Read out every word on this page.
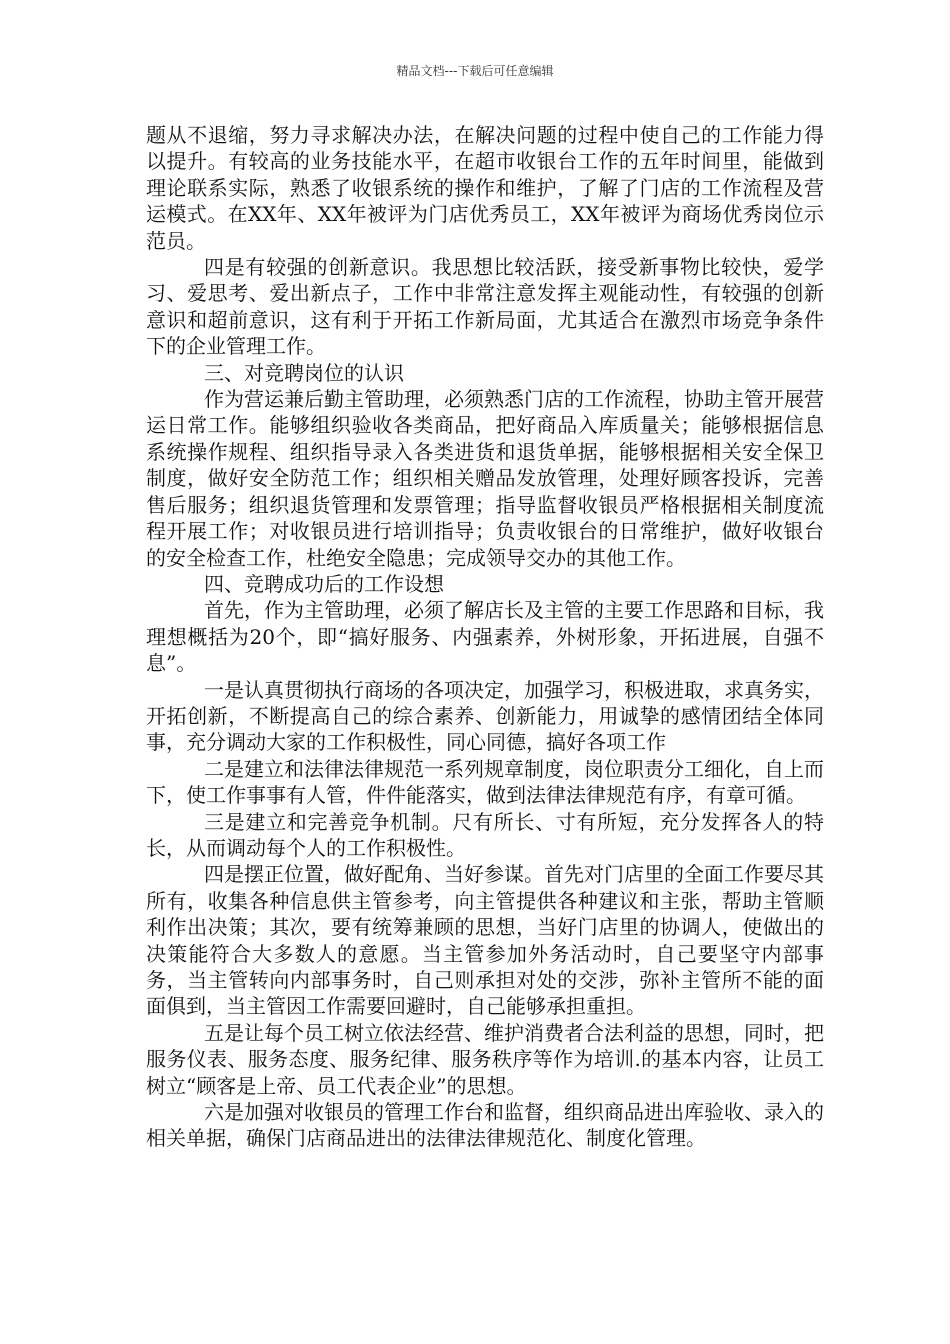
精品文档---下载后可任意编辑

题从不退缩，努力寻求解决办法，在解决问题的过程中使自己的工作能力得以提升。有较高的业务技能水平，在超市收银台工作的五年时间里，能做到理论联系实际，熟悉了收银系统的操作和维护，了解了门店的工作流程及营运模式。在XX年、XX年被评为门店优秀员工，XX年被评为商场优秀岗位示范员。

四是有较强的创新意识。我思想比较活跃，接受新事物比较快，爱学习、爱思考、爱出新点子，工作中非常注意发挥主观能动性，有较强的创新意识和超前意识，这有利于开拓工作新局面，尤其适合在激烈市场竞争条件下的企业管理工作。

三、对竞聘岗位的认识

作为营运兼后勤主管助理，必须熟悉门店的工作流程，协助主管开展营运日常工作。能够组织验收各类商品，把好商品入库质量关；能够根据信息系统操作规程、组织指导录入各类进货和退货单据，能够根据相关安全保卫制度，做好安全防范工作；组织相关赠品发放管理，处理好顾客投诉，完善售后服务；组织退货管理和发票管理；指导监督收银员严格根据相关制度流程开展工作；对收银员进行培训指导；负责收银台的日常维护，做好收银台的安全检查工作，杜绝安全隐患；完成领导交办的其他工作。

四、竞聘成功后的工作设想

首先，作为主管助理，必须了解店长及主管的主要工作思路和目标，我理想概括为20个，即“搞好服务、内强素养，外树形象，开拓进展，自强不息”。

一是认真贯彻执行商场的各项决定，加强学习，积极进取，求真务实，开拓创新，不断提高自己的综合素养、创新能力，用诚挚的感情团结全体同事，充分调动大家的工作积极性，同心同德，搞好各项工作

二是建立和法律法律规范一系列规章制度，岗位职责分工细化，自上而下，使工作事事有人管，件件能落实，做到法律法律规范有序，有章可循。

三是建立和完善竞争机制。尺有所长、寸有所短，充分发挥各人的特长，从而调动每个人的工作积极性。

四是摆正位置，做好配角、当好参谋。首先对门店里的全面工作要尽其所有，收集各种信息供主管参考，向主管提供各种建议和主张，帮助主管顺利作出决策；其次，要有统筹兼顾的思想，当好门店里的协调人，使做出的决策能符合大多数人的意愿。当主管参加外务活动时，自己要坚守内部事务，当主管转向内部事务时，自己则承担对处的交涉，弥补主管所不能的面面俱到，当主管因工作需要回避时，自己能够承担重担。

五是让每个员工树立依法经营、维护消费者合法利益的思想，同时，把服务仪表、服务态度、服务纪律、服务秩序等作为培训.的基本内容，让员工树立“顾客是上帝、员工代表企业”的思想。

六是加强对收银员的管理工作台和监督，组织商品进出库验收、录入的相关单据，确保门店商品进出的法律法律规范化、制度化管理。
